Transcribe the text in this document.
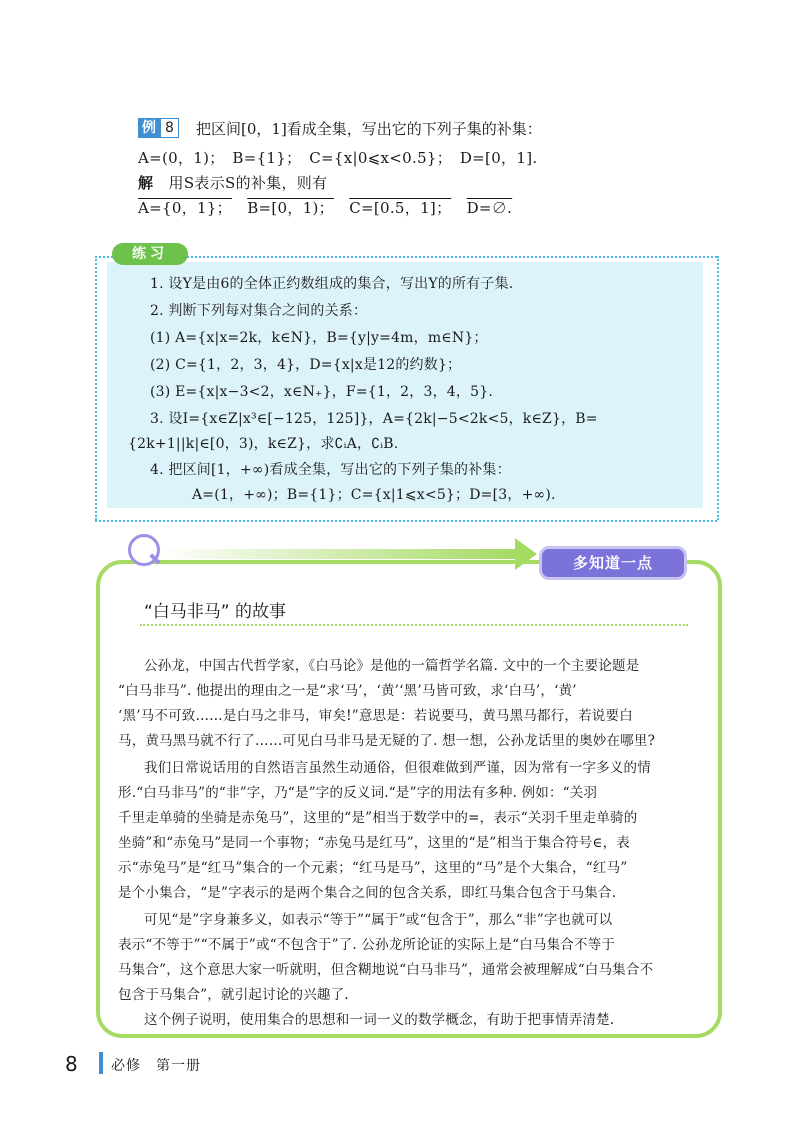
例 8	把区间[0，1]看成全集，写出它的下列子集的补集：
A=(0，1)；　B={1}；　C={x|0⩽x<0.5}；　D=[0，1].
解 用S表示S的补集，则有
A={0，1}； B=[0，1)； C=[0.5，1]； D=∅.
练习
1. 设Y是由6的全体正约数组成的集合，写出Y的所有子集.
2. 判断下列每对集合之间的关系：
(1) A={x|x=2k，k∈N}，B={y|y=4m，m∈N}；
(2) C={1，2，3，4}，D={x|x是12的约数}；
(3) E={x|x−3<2，x∈N₊}，F={1，2，3，4，5}.
3. 设I={x∈Z|x³∈[−125，125]}，A={2k|−5<2k<5，k∈Z}，B=
{2k+1||k|∈[0，3)，k∈Z}，求∁ᵢA，∁ᵢB.
4. 把区间[1，+∞)看成全集，写出它的下列子集的补集：
A=(1，+∞)；B={1}；C={x|1⩽x<5}；D=[3，+∞).
多知道一点
“白马非马” 的故事
公孙龙，中国古代哲学家，《白马论》是他的一篇哲学名篇. 文中的一个主要论题是
“白马非马”. 他提出的理由之一是“求‘马’，‘黄’‘黑’马皆可致，求‘白马’，‘黄’
‘黑’马不可致……是白马之非马，审矣!”意思是：若说要马，黄马黑马都行，若说要白
马，黄马黑马就不行了……可见白马非马是无疑的了. 想一想，公孙龙话里的奥妙在哪里?
我们日常说话用的自然语言虽然生动通俗，但很难做到严谨，因为常有一字多义的情
形.“白马非马”的“非”字，乃“是”字的反义词.“是”字的用法有多种. 例如：“关羽
千里走单骑的坐骑是赤兔马”，这里的“是”相当于数学中的=，表示“关羽千里走单骑的
坐骑”和“赤兔马”是同一个事物；“赤兔马是红马”，这里的“是”相当于集合符号∈，表
示“赤兔马”是“红马”集合的一个元素；“红马是马”，这里的“马”是个大集合，“红马”
是个小集合，“是”字表示的是两个集合之间的包含关系，即红马集合包含于马集合.
可见“是”字身兼多义，如表示“等于”“属于”或“包含于”，那么“非”字也就可以
表示“不等于”“不属于”或“不包含于”了. 公孙龙所论证的实际上是“白马集合不等于
马集合”，这个意思大家一听就明，但含糊地说“白马非马”，通常会被理解成“白马集合不
包含于马集合”，就引起讨论的兴趣了.
这个例子说明，使用集合的思想和一词一义的数学概念，有助于把事情弄清楚.
8 必修　第一册
